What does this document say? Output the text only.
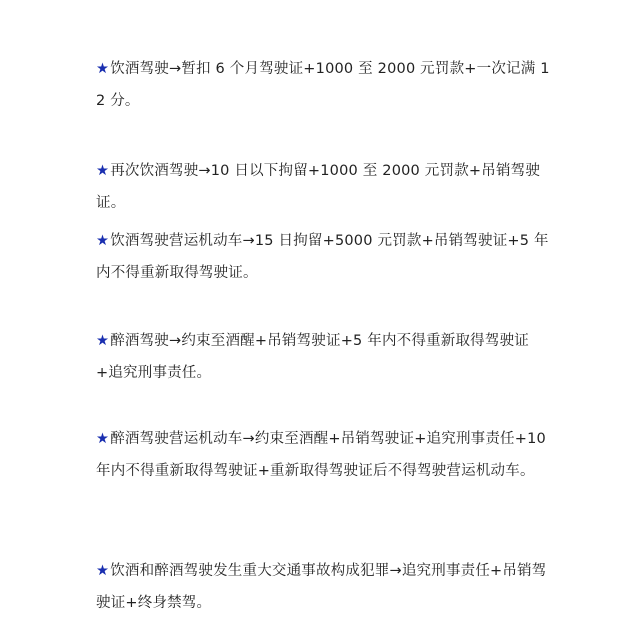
★饮酒驾驶→暂扣 6 个月驾驶证+1000 至 2000 元罚款+一次记满 12 分。

★再次饮酒驾驶→10 日以下拘留+1000 至 2000 元罚款+吊销驾驶证。

★饮酒驾驶营运机动车→15 日拘留+5000 元罚款+吊销驾驶证+5 年内不得重新取得驾驶证。

★醉酒驾驶→约束至酒醒+吊销驾驶证+5 年内不得重新取得驾驶证+追究刑事责任。

★醉酒驾驶营运机动车→约束至酒醒+吊销驾驶证+追究刑事责任+10年内不得重新取得驾驶证+重新取得驾驶证后不得驾驶营运机动车。

★饮酒和醉酒驾驶发生重大交通事故构成犯罪→追究刑事责任+吊销驾驶证+终身禁驾。
